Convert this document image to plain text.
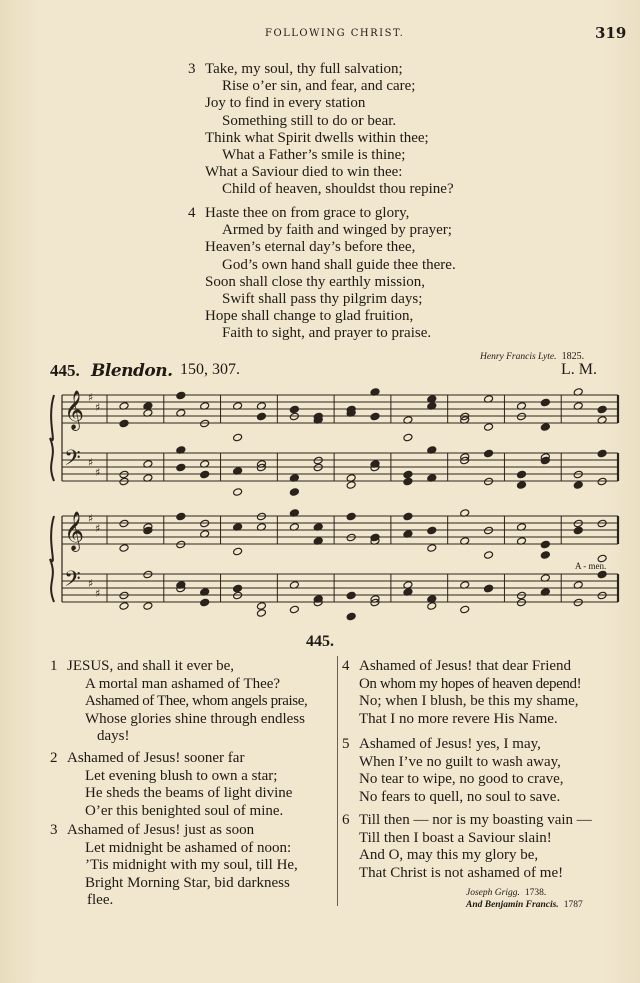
FOLLOWING CHRIST.	319
3 Take, my soul, thy full salvation;
Rise o’er sin, and fear, and care;
Joy to find in every station
Something still to do or bear.
Think what Spirit dwells within thee;
What a Father’s smile is thine;
What a Saviour died to win thee:
Child of heaven, shouldst thou repine?
4 Haste thee on from grace to glory,
Armed by faith and winged by prayer;
Heaven’s eternal day’s before thee,
God’s own hand shall guide thee there.
Soon shall close thy earthly mission,
Swift shall pass thy pilgrim days;
Hope shall change to glad fruition,
Faith to sight, and prayer to praise.
Henry Francis Lyte. 1825.
445. Blendon. 150, 307.	L. M.
𝄞 ♯
♯
𝄢 ♯
♯
𝄞 ♯
♯
𝄢 ♯
♯
A - men.
445.
1 JESUS, and shall it ever be,
A mortal man ashamed of Thee?
Ashamed of Thee, whom angels praise,
Whose glories shine through endless
days!
2 Ashamed of Jesus! sooner far
Let evening blush to own a star;
He sheds the beams of light divine
O’er this benighted soul of mine.
3 Ashamed of Jesus! just as soon
Let midnight be ashamed of noon:
’Tis midnight with my soul, till He,
Bright Morning Star, bid darkness
flee.
4 Ashamed of Jesus! that dear Friend
On whom my hopes of heaven depend!
No; when I blush, be this my shame,
That I no more revere His Name.
5 Ashamed of Jesus! yes, I may,
When I’ve no guilt to wash away,
No tear to wipe, no good to crave,
No fears to quell, no soul to save.
6 Till then — nor is my boasting vain —
Till then I boast a Saviour slain!
And O, may this my glory be,
That Christ is not ashamed of me!
Joseph Grigg. 1738.
And Benjamin Francis. 1787
